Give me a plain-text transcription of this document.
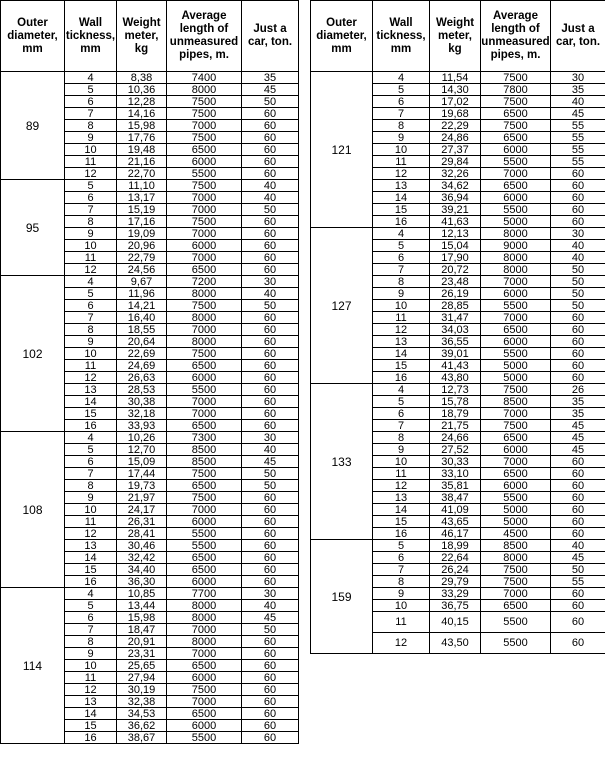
Outer diameter, mm	Wall tickness, mm	Weight meter, kg	Average length of unmeasured pipes, m.	Just a car, ton.
89	4	8,38	7400	35
	5	10,36	8000	45
	6	12,28	7500	50
	7	14,16	7500	60
	8	15,98	7000	60
	9	17,76	7500	60
	10	19,48	6500	60
	11	21,16	6000	60
	12	22,70	5500	60
95	5	11,10	7500	40
	6	13,17	7000	40
	7	15,19	7000	50
	8	17,16	7500	60
	9	19,09	7000	60
	10	20,96	6000	60
	11	22,79	7000	60
	12	24,56	6500	60
102	4	9,67	7200	30
	5	11,96	8000	40
	6	14,21	7500	50
	7	16,40	8000	60
	8	18,55	7000	60
	9	20,64	8000	60
	10	22,69	7500	60
	11	24,69	6500	60
	12	26,63	6000	60
	13	28,53	5500	60
	14	30,38	7000	60
	15	32,18	7000	60
	16	33,93	6500	60
108	4	10,26	7300	30
	5	12,70	8500	40
	6	15,09	8500	45
	7	17,44	7500	50
	8	19,73	6500	50
	9	21,97	7500	60
	10	24,17	7000	60
	11	26,31	6000	60
	12	28,41	5500	60
	13	30,46	5500	60
	14	32,42	6500	60
	15	34,40	6500	60
	16	36,30	6000	60
114	4	10,85	7700	30
	5	13,44	8000	40
	6	15,98	8000	45
	7	18,47	7000	50
	8	20,91	8000	60
	9	23,31	7000	60
	10	25,65	6500	60
	11	27,94	6000	60
	12	30,19	7500	60
	13	32,38	7000	60
	14	34,53	6500	60
	15	36,62	6000	60
	16	38,67	5500	60
Outer diameter, mm	Wall tickness, mm	Weight meter, kg	Average length of unmeasured pipes, m.	Just a car, ton.
121	4	11,54	7500	30
	5	14,30	7800	35
	6	17,02	7500	40
	7	19,68	6500	45
	8	22,29	7500	55
	9	24,86	6500	55
	10	27,37	6000	55
	11	29,84	5500	55
	12	32,26	7000	60
	13	34,62	6500	60
	14	36,94	6000	60
	15	39,21	5500	60
	16	41,63	5000	60
127	4	12,13	8000	30
	5	15,04	9000	40
	6	17,90	8000	40
	7	20,72	8000	50
	8	23,48	7000	50
	9	26,19	6000	50
	10	28,85	5500	50
	11	31,47	7000	60
	12	34,03	6500	60
	13	36,55	6000	60
	14	39,01	5500	60
	15	41,43	5000	60
	16	43,80	5000	60
133	4	12,73	7500	26
	5	15,78	8500	35
	6	18,79	7000	35
	7	21,75	7500	45
	8	24,66	6500	45
	9	27,52	6000	45
	10	30,33	7000	60
	11	33,10	6500	60
	12	35,81	6000	60
	13	38,47	5500	60
	14	41,09	5000	60
	15	43,65	5000	60
	16	46,17	4500	60
159	5	18,99	8500	40
	6	22,64	8000	45
	7	26,24	7500	50
	8	29,79	7500	55
	9	33,29	7000	60
	10	36,75	6500	60
	11	40,15	5500	60
	12	43,50	5500	60
